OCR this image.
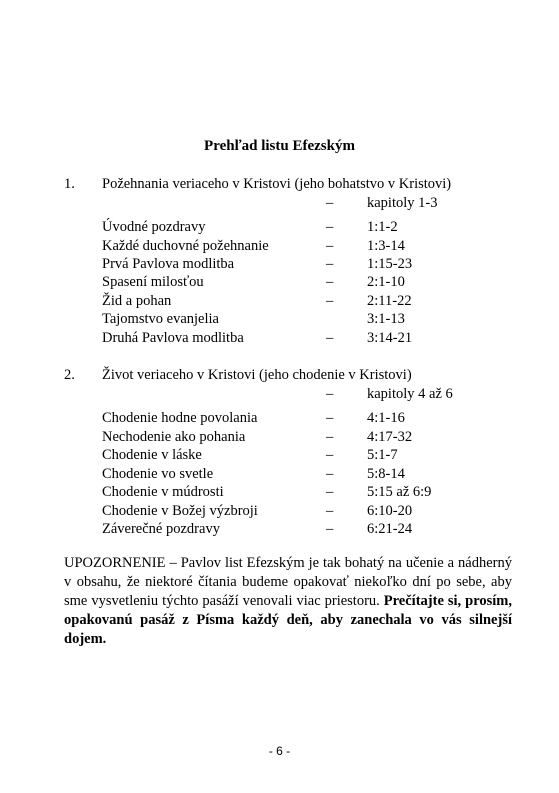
Prehľad listu Efezským
1. Požehnania veriaceho v Kristovi (jeho bohatstvo v Kristovi)
– kapitoly 1-3
Úvodné pozdravy	– 1:1-2
Každé duchovné požehnanie	– 1:3-14
Prvá Pavlova modlitba	– 1:15-23
Spasení milosťou	– 2:1-10
Žid a pohan	– 2:11-22
Tajomstvo evanjelia	3:1-13
Druhá Pavlova modlitba	– 3:14-21
2. Život veriaceho v Kristovi (jeho chodenie v Kristovi)
– kapitoly 4 až 6
Chodenie hodne povolania	– 4:1-16
Nechodenie ako pohania	– 4:17-32
Chodenie v láske	– 5:1-7
Chodenie vo svetle	– 5:8-14
Chodenie v múdrosti	– 5:15 až 6:9
Chodenie v Božej výzbroji	– 6:10-20
Záverečné pozdravy	– 6:21-24
UPOZORNENIE – Pavlov list Efezským je tak bohatý na učenie a nádherný v obsahu, že niektoré čítania budeme opakovať niekoľko dní po sebe, aby sme vysvetleniu týchto pasáží venovali viac priestoru. Prečítajte si, prosím, opakovanú pasáž z Písma každý deň, aby zanechala vo vás silnejší dojem.
- 6 -
